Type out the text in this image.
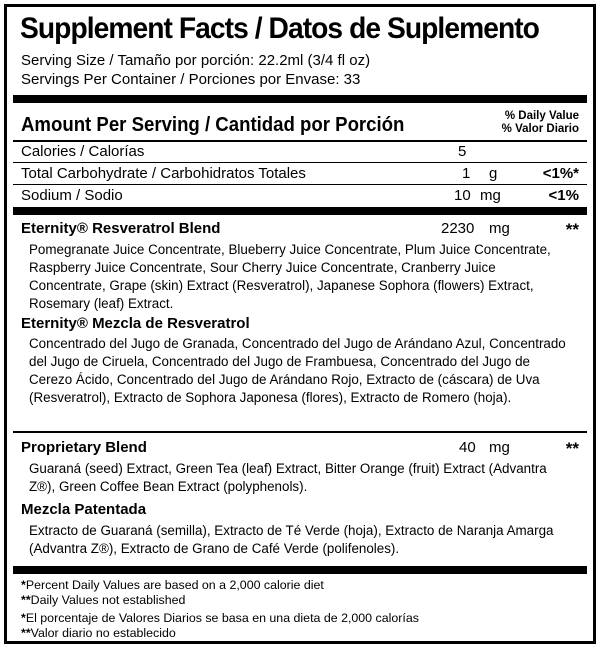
Supplement Facts / Datos de Suplemento
Serving Size / Tamaño por porción: 22.2ml (3/4 fl oz)
Servings Per Container / Porciones por Envase: 33
Amount Per Serving / Cantidad por Porción	% Daily Value
% Valor Diario
Calories / Calorías	5
Total Carbohydrate / Carbohidratos Totales	1 g	<1%*
Sodium / Sodio	10 mg	<1%
Eternity® Resveratrol Blend	2230 mg	**
Pomegranate Juice Concentrate, Blueberry Juice Concentrate, Plum Juice Concentrate, Raspberry Juice Concentrate, Sour Cherry Juice Concentrate, Cranberry Juice Concentrate, Grape (skin) Extract (Resveratrol), Japanese Sophora (flowers) Extract, Rosemary (leaf) Extract.
Eternity® Mezcla de Resveratrol
Concentrado del Jugo de Granada, Concentrado del Jugo de Arándano Azul, Concentrado del Jugo de Ciruela, Concentrado del Jugo de Frambuesa, Concentrado del Jugo de Cerezo Ácido, Concentrado del Jugo de Arándano Rojo, Extracto de (cáscara) de Uva (Resveratrol), Extracto de Sophora Japonesa (flores), Extracto de Romero (hoja).
Proprietary Blend	40 mg	**
Guaraná (seed) Extract, Green Tea (leaf) Extract, Bitter Orange (fruit) Extract (Advantra Z®), Green Coffee Bean Extract (polyphenols).
Mezcla Patentada
Extracto de Guaraná (semilla), Extracto de Té Verde (hoja), Extracto de Naranja Amarga (Advantra Z®), Extracto de Grano de Café Verde (polifenoles).
*Percent Daily Values are based on a 2,000 calorie diet
**Daily Values not established
*El porcentaje de Valores Diarios se basa en una dieta de 2,000 calorías
**Valor diario no establecido
